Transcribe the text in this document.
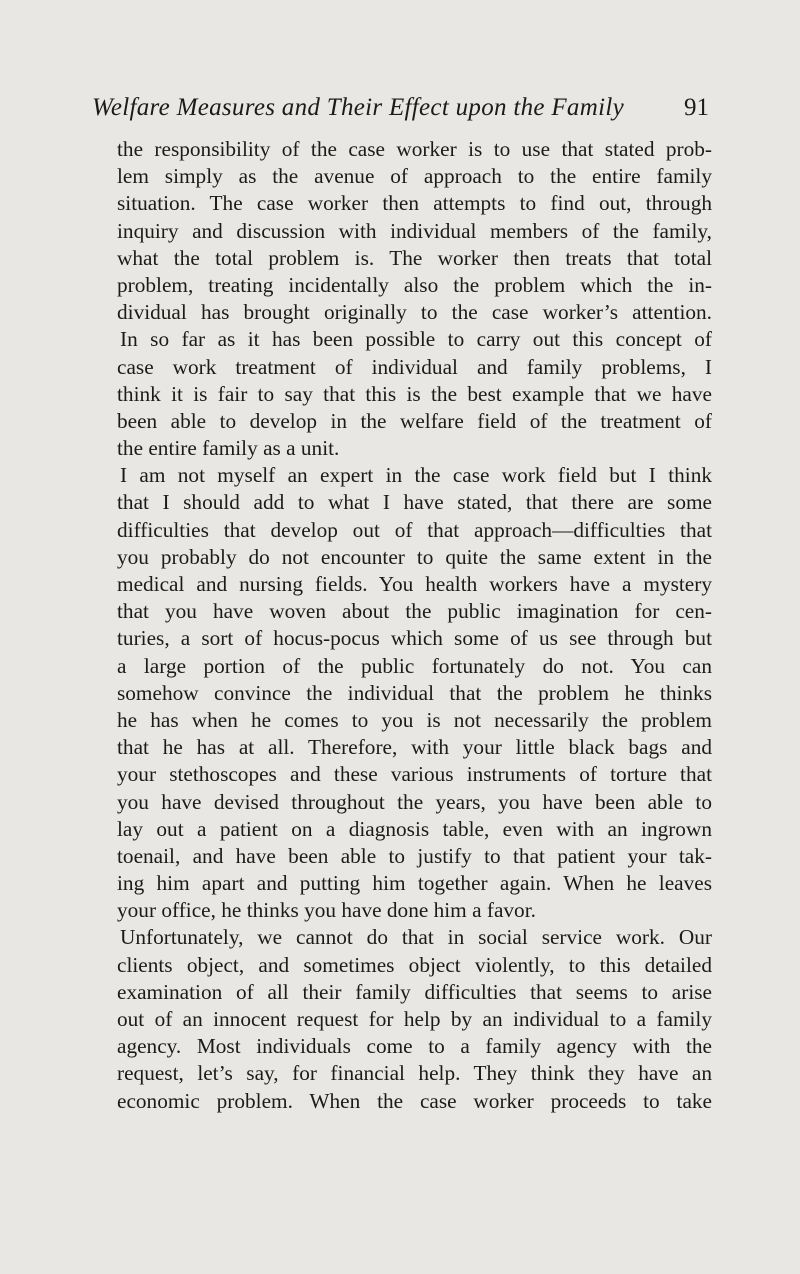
Welfare Measures and Their Effect upon the Family 91

the responsibility of the case worker is to use that stated prob-
lem simply as the avenue of approach to the entire family
situation. The case worker then attempts to find out, through
inquiry and discussion with individual members of the family,
what the total problem is. The worker then treats that total
problem, treating incidentally also the problem which the in-
dividual has brought originally to the case worker’s attention.

In so far as it has been possible to carry out this concept of
case work treatment of individual and family problems, I
think it is fair to say that this is the best example that we have
been able to develop in the welfare field of the treatment of
the entire family as a unit.

I am not myself an expert in the case work field but I think
that I should add to what I have stated, that there are some
difficulties that develop out of that approach—difficulties that
you probably do not encounter to quite the same extent in the
medical and nursing fields. You health workers have a mystery
that you have woven about the public imagination for cen-
turies, a sort of hocus-pocus which some of us see through but
a large portion of the public fortunately do not. You can
somehow convince the individual that the problem he thinks
he has when he comes to you is not necessarily the problem
that he has at all. Therefore, with your little black bags and
your stethoscopes and these various instruments of torture that
you have devised throughout the years, you have been able to
lay out a patient on a diagnosis table, even with an ingrown
toenail, and have been able to justify to that patient your tak-
ing him apart and putting him together again. When he leaves
your office, he thinks you have done him a favor.

Unfortunately, we cannot do that in social service work. Our
clients object, and sometimes object violently, to this detailed
examination of all their family difficulties that seems to arise
out of an innocent request for help by an individual to a family
agency. Most individuals come to a family agency with the
request, let’s say, for financial help. They think they have an
economic problem. When the case worker proceeds to take
